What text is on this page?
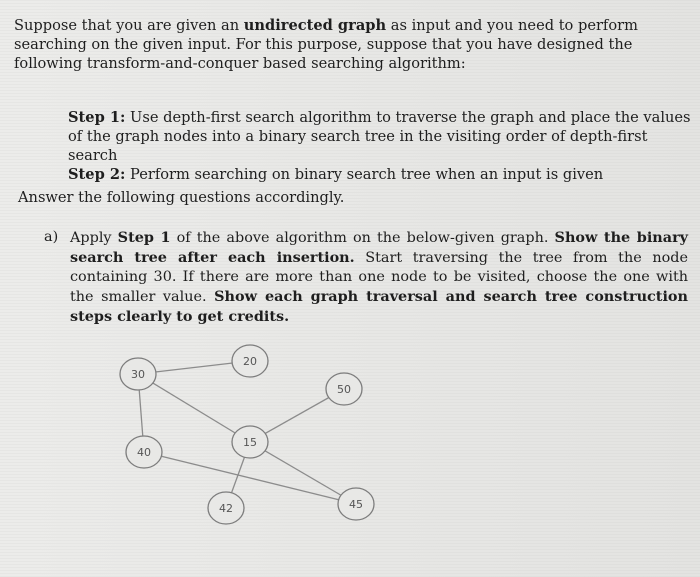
Suppose that you are given an undirected graph as input and you need to perform searching on the given input. For this purpose, suppose that you have designed the following transform-and-conquer based searching algorithm:
Step 1: Use depth-first search algorithm to traverse the graph and place the values of the graph nodes into a binary search tree in the visiting order of depth-first search
Step 2: Perform searching on binary search tree when an input is given
Answer the following questions accordingly.
a) Apply Step 1 of the above algorithm on the below-given graph. Show the binary search tree after each insertion. Start traversing the tree from the node containing 30. If there are more than one node to be visited, choose the one with the smaller value. Show each graph traversal and search tree construction steps clearly to get credits.
30
20
50
40
15
42	45
